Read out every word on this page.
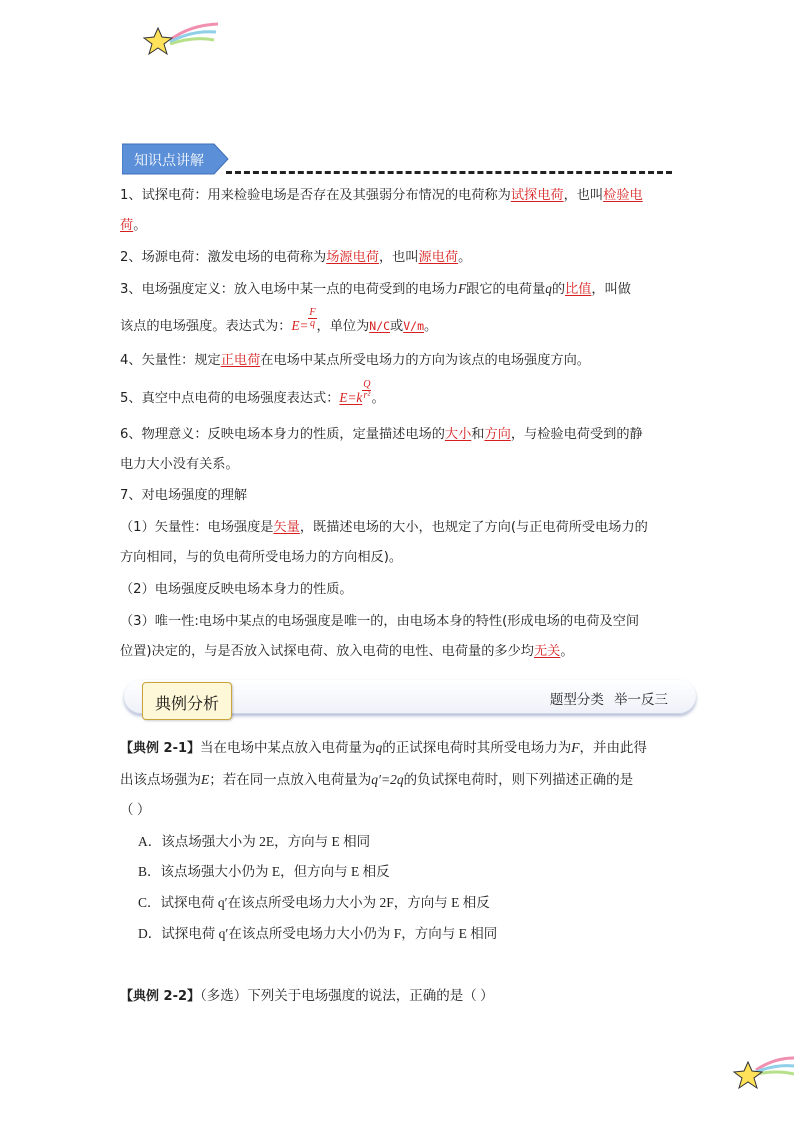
知识点讲解
1、试探电荷：用来检验电场是否存在及其强弱分布情况的电荷称为试探电荷，也叫检验电
荷。
2、场源电荷：激发电场的电荷称为场源电荷，也叫源电荷。
3、电场强度定义：放入电场中某一点的电荷受到的电场力F跟它的电荷量q的比值，叫做
该点的电场强度。表达式为：$E= \frac{F}{q}$ ，单位为N/C或V/m。
4、矢量性：规定正电荷在电场中某点所受电场力的方向为该点的电场强度方向。
5、真空中点电荷的电场强度表达式：$E=k \frac{Q}{\text{r²}}$ 。
6、物理意义：反映电场本身力的性质，定量描述电场的大小和方向，与检验电荷受到的静
电力大小没有关系。
7、对电场强度的理解
（1）矢量性：电场强度是矢量，既描述电场的大小，也规定了方向(与正电荷所受电场力的
方向相同，与的负电荷所受电场力的方向相反)。
（2）电场强度反映电场本身力的性质。
（3）唯一性:电场中某点的电场强度是唯一的，由电场本身的特性(形成电场的电荷及空间
位置)决定的，与是否放入试探电荷、放入电荷的电性、电荷量的多少均无关。
题型分类   举一反三
典例分析
【典例 2-1】当在电场中某点放入电荷量为q的正试探电荷时其所受电场力为F，并由此得
出该点场强为E；若在同一点放入电荷量为q′=2q的负试探电荷时，则下列描述正确的是
（ ）
A．该点场强大小为 2E，方向与 E 相同
B．该点场强大小仍为 E，但方向与 E 相反
C．试探电荷 q′在该点所受电场力大小为 2F，方向与 E 相反
D．试探电荷 q′在该点所受电场力大小仍为 F，方向与 E 相同
【典例 2-2】（多选）下列关于电场强度的说法，正确的是（ ）
